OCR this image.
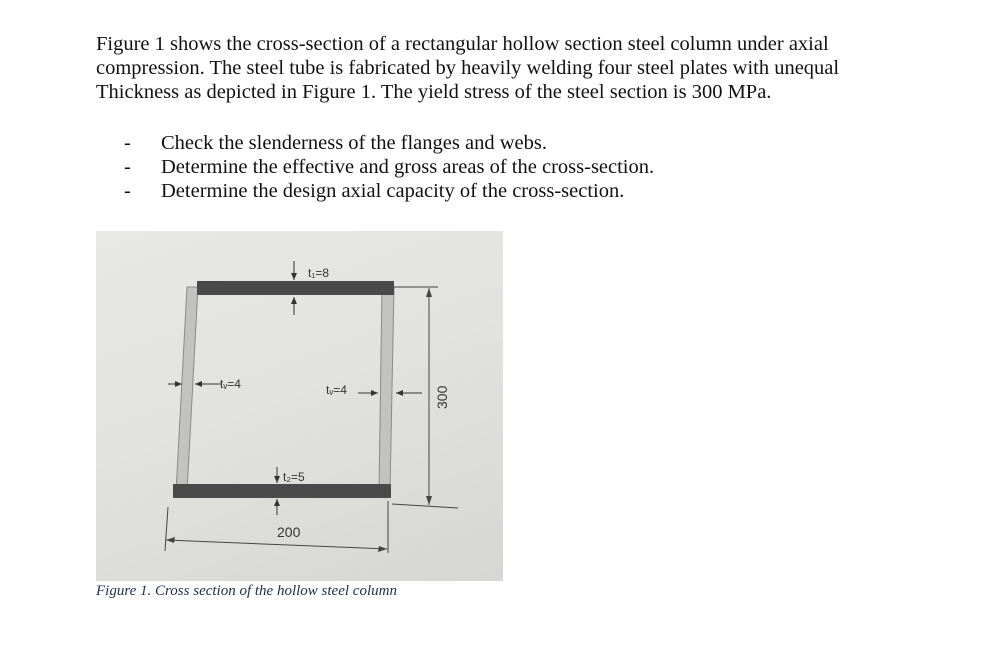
Figure 1 shows the cross-section of a rectangular hollow section steel column under axial
compression. The steel tube is fabricated by heavily welding four steel plates with unequal
Thickness as depicted in Figure 1. The yield stress of the steel section is 300 MPa.
- Check the slenderness of the flanges and webs.
- Determine the effective and gross areas of the cross-section.
- Determine the design axial capacity of the cross-section.
t₁=8
t₂=5
tᵥ=4	tᵥ=4
200
300
Figure 1. Cross section of the hollow steel column
